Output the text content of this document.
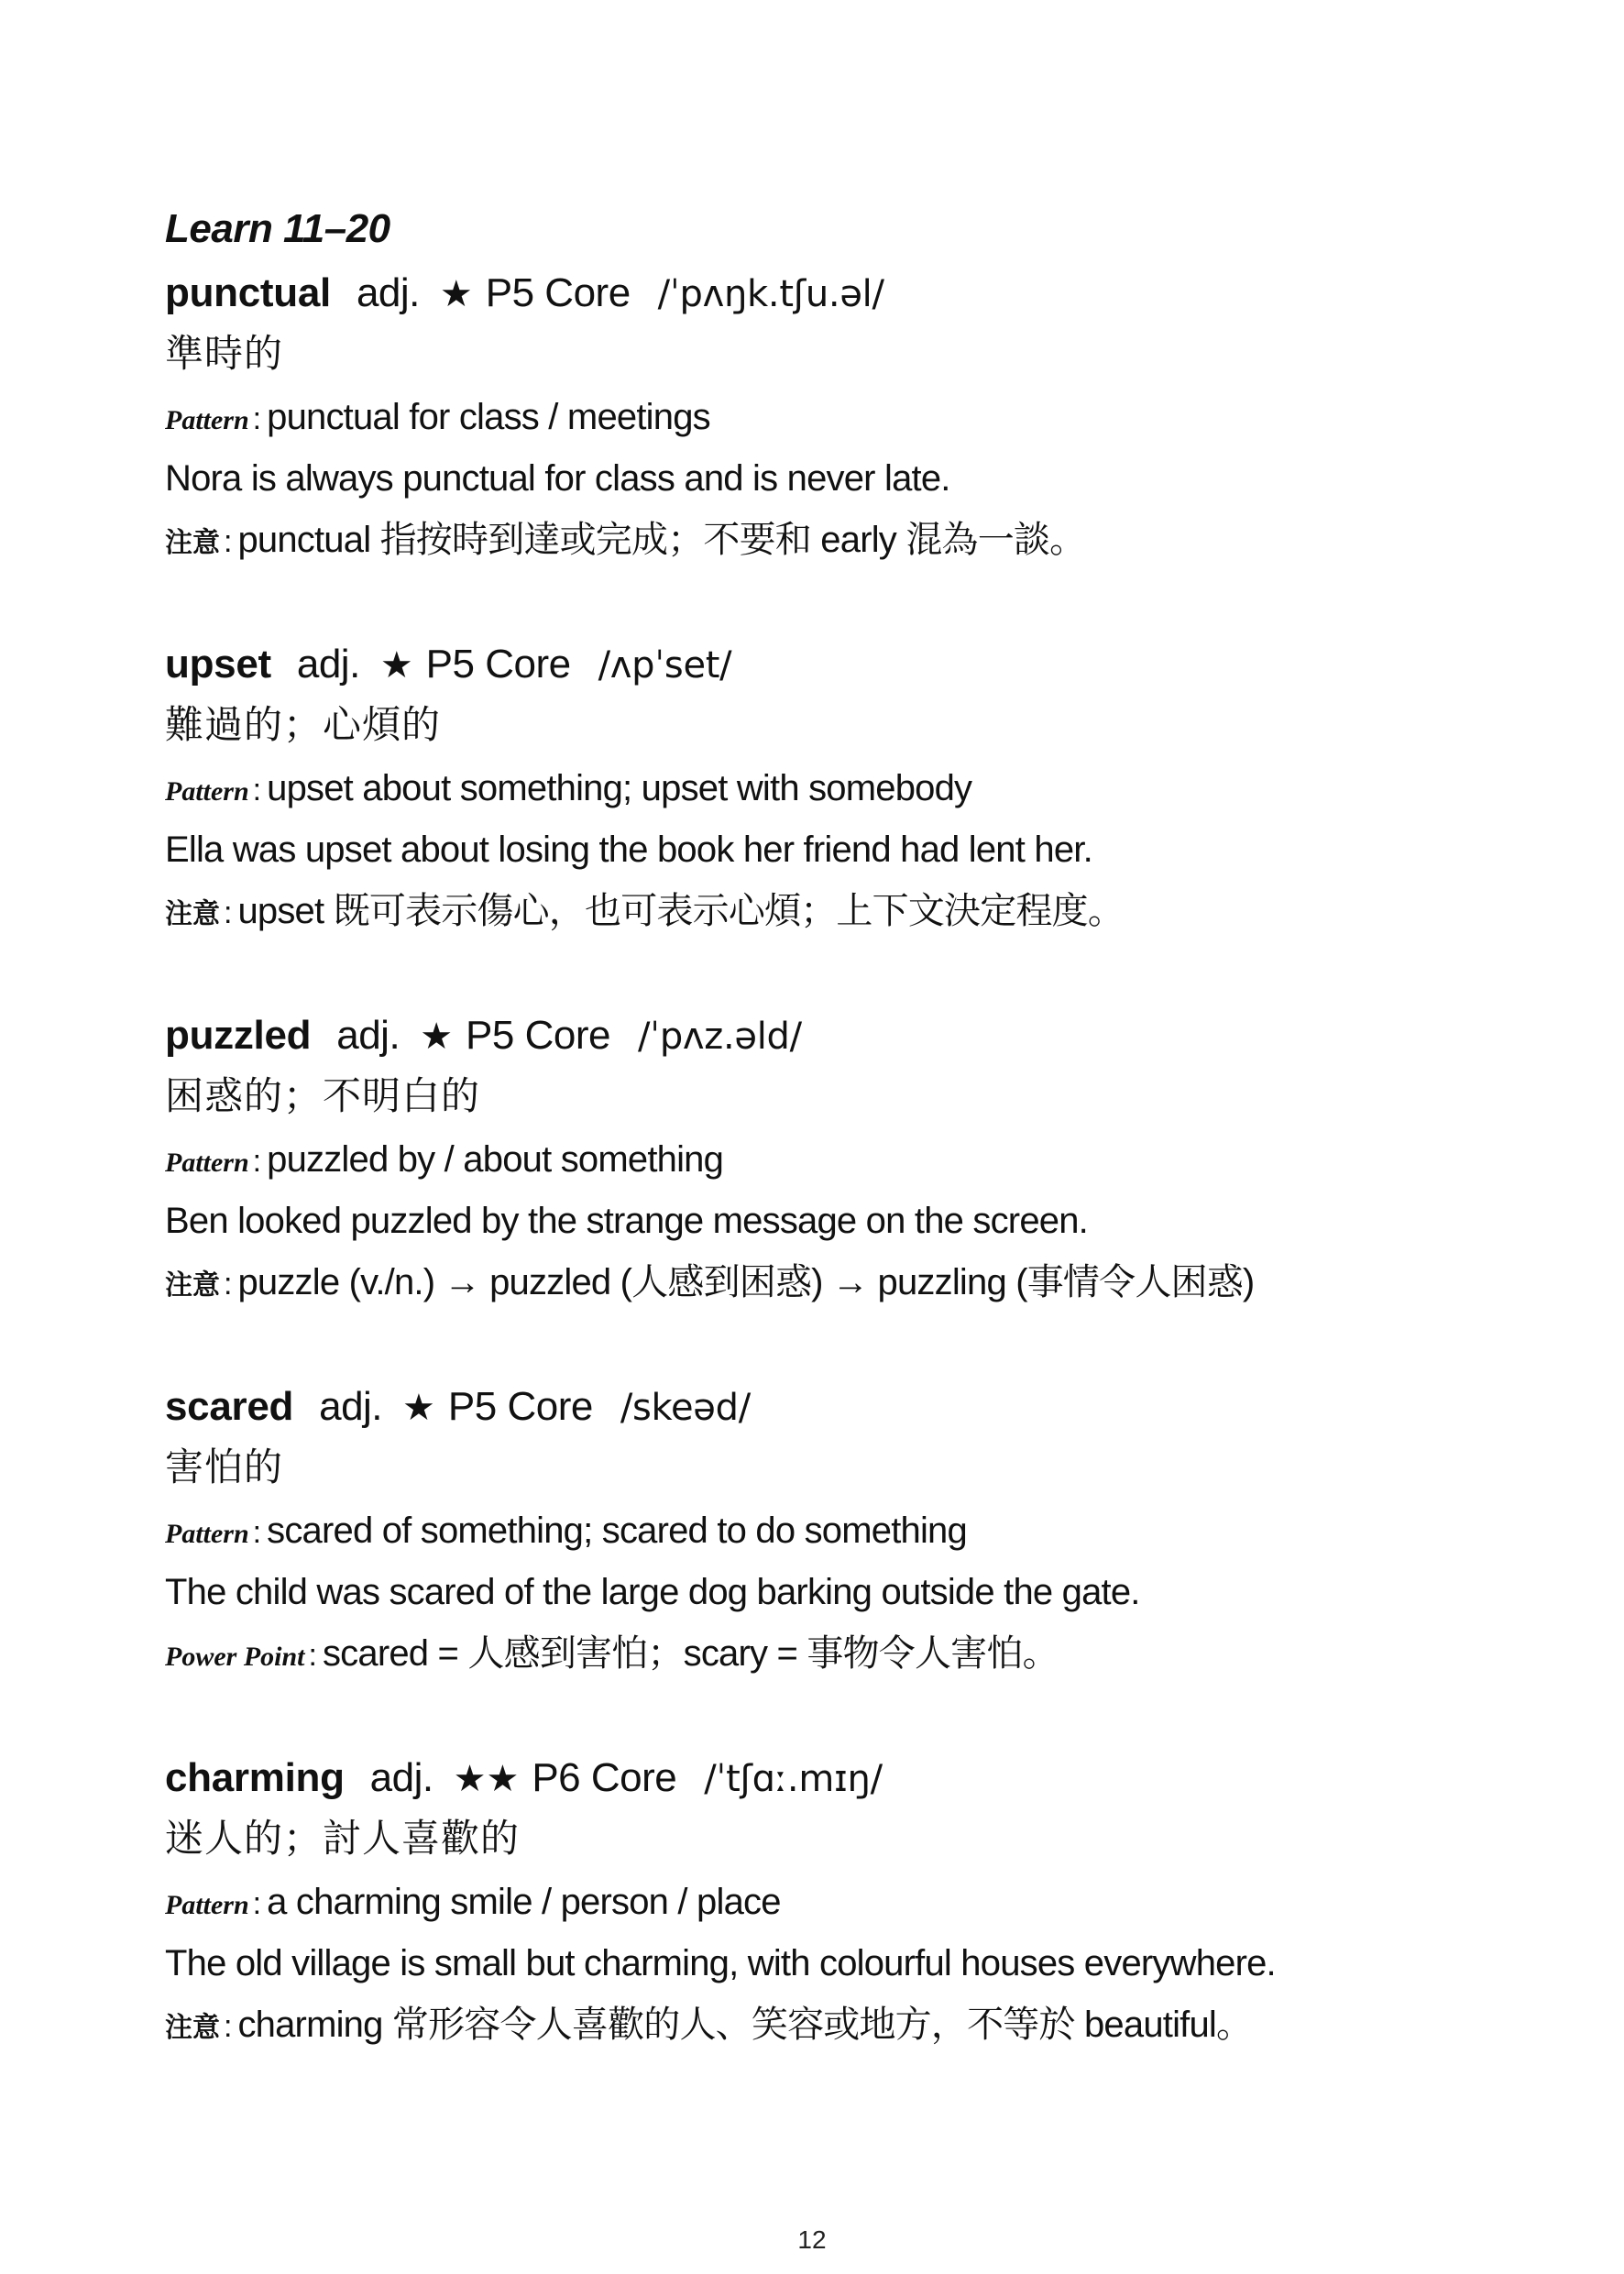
Learn 11–20
punctual adj. ★ P5 Core /ˈpʌŋk.tʃu.əl/
準時的
Pattern : punctual for class / meetings
Nora is always punctual for class and is never late.
注意 : punctual 指按時到達或完成；不要和 early 混為一談。
upset adj. ★ P5 Core /ʌpˈset/
難過的；心煩的
Pattern : upset about something; upset with somebody
Ella was upset about losing the book her friend had lent her.
注意 : upset 既可表示傷心，也可表示心煩；上下文決定程度。
puzzled adj. ★ P5 Core /ˈpʌz.əld/
困惑的；不明白的
Pattern : puzzled by / about something
Ben looked puzzled by the strange message on the screen.
注意 : puzzle (v./n.) → puzzled (人感到困惑) → puzzling (事情令人困惑)
scared adj. ★ P5 Core /skeəd/
害怕的
Pattern : scared of something; scared to do something
The child was scared of the large dog barking outside the gate.
Power Point : scared = 人感到害怕；scary = 事物令人害怕。
charming adj. ★★ P6 Core /ˈtʃɑː.mɪŋ/
迷人的；討人喜歡的
Pattern : a charming smile / person / place
The old village is small but charming, with colourful houses everywhere.
注意 : charming 常形容令人喜歡的人、笑容或地方，不等於 beautiful。
12
